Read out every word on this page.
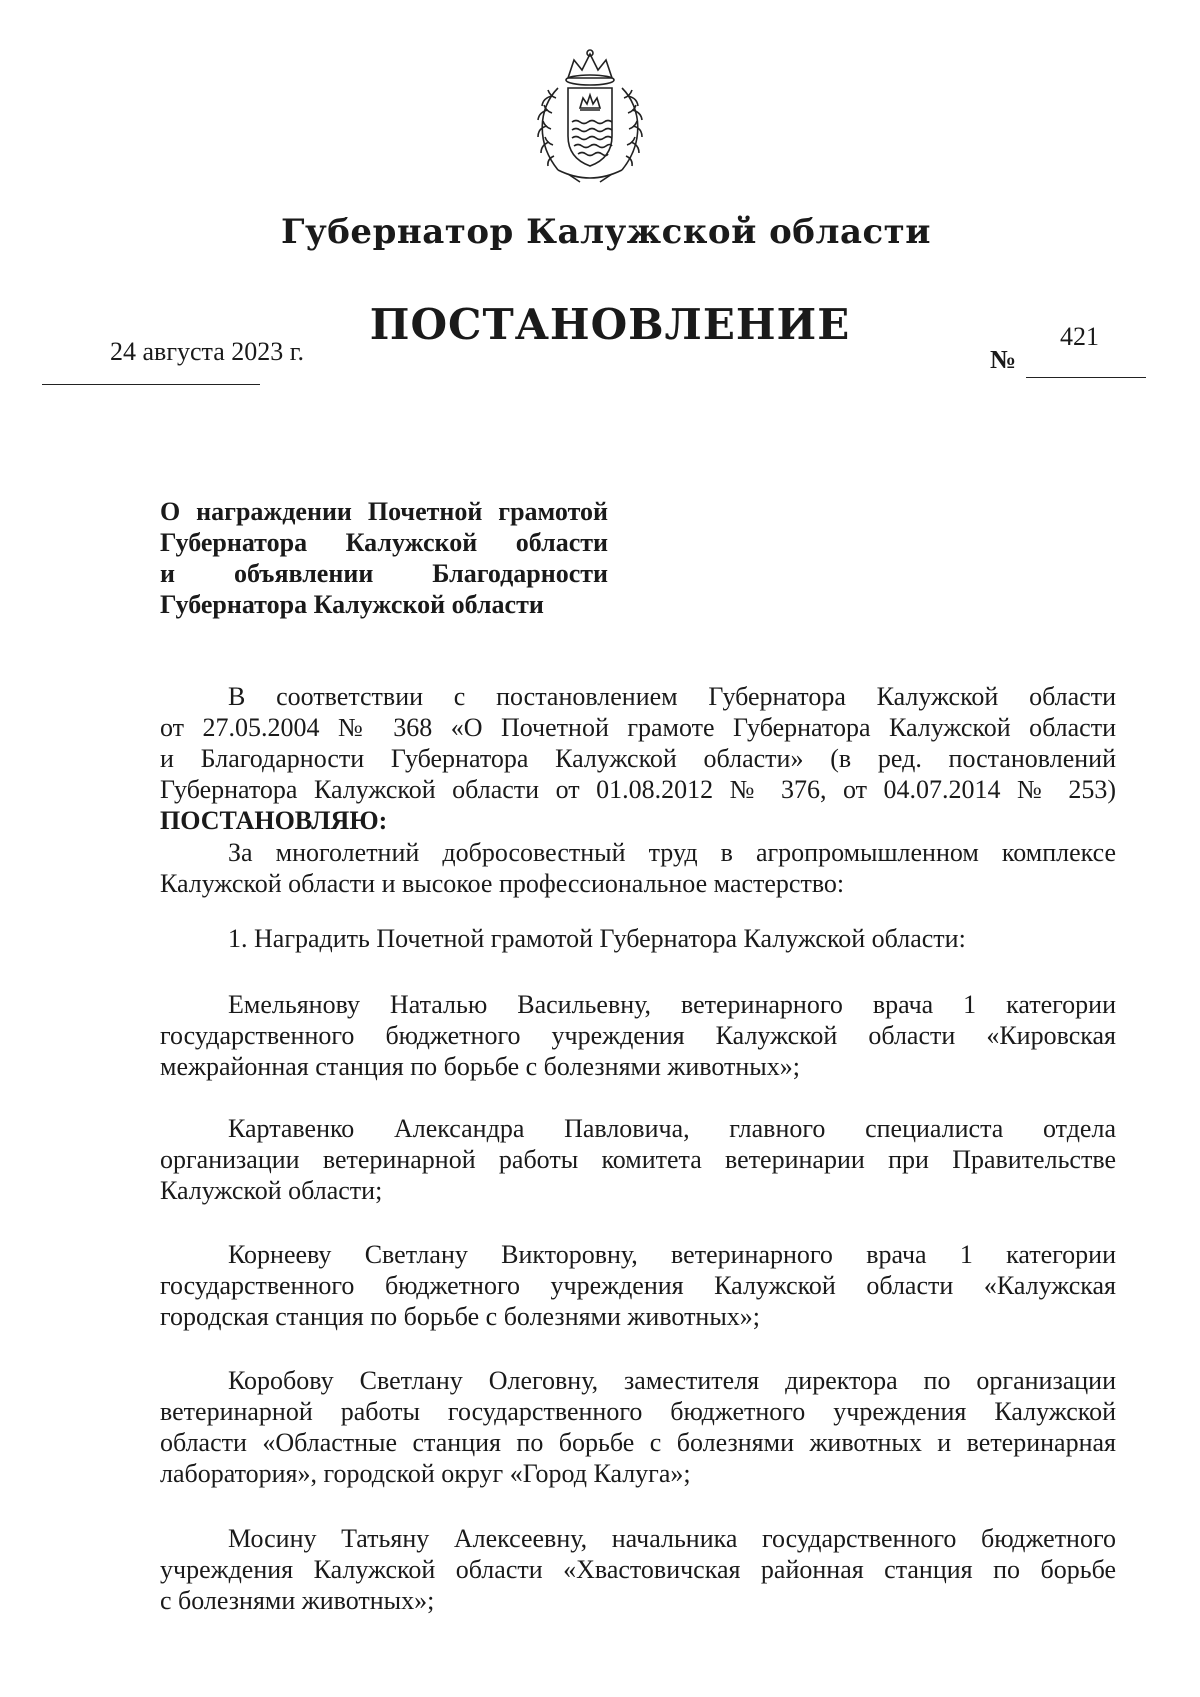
Губернатор Калужской области
ПОСТАНОВЛЕНИЕ
24 августа 2023 г.	№
421
О награждении Почетной грамотой
Губернатора Калужской области
и объявлении Благодарности
Губернатора Калужской области
В соответствии с постановлением Губернатора Калужской области
от 27.05.2004 № 368 «О Почетной грамоте Губернатора Калужской области
и Благодарности Губернатора Калужской области» (в ред. постановлений
Губернатора Калужской области от 01.08.2012 № 376, от 04.07.2014 № 253)
ПОСТАНОВЛЯЮ:
За многолетний добросовестный труд в агропромышленном комплексе
Калужской области и высокое профессиональное мастерство:
1. Наградить Почетной грамотой Губернатора Калужской области:
Емельянову Наталью Васильевну, ветеринарного врача 1 категории
государственного бюджетного учреждения Калужской области «Кировская
межрайонная станция по борьбе с болезнями животных»;
Картавенко Александра Павловича, главного специалиста отдела
организации ветеринарной работы комитета ветеринарии при Правительстве
Калужской области;
Корнееву Светлану Викторовну, ветеринарного врача 1 категории
государственного бюджетного учреждения Калужской области «Калужская
городская станция по борьбе с болезнями животных»;
Коробову Светлану Олеговну, заместителя директора по организации
ветеринарной работы государственного бюджетного учреждения Калужской
области «Областные станция по борьбе с болезнями животных и ветеринарная
лаборатория», городской округ «Город Калуга»;
Мосину Татьяну Алексеевну, начальника государственного бюджетного
учреждения Калужской области «Хвастовичская районная станция по борьбе
с болезнями животных»;
